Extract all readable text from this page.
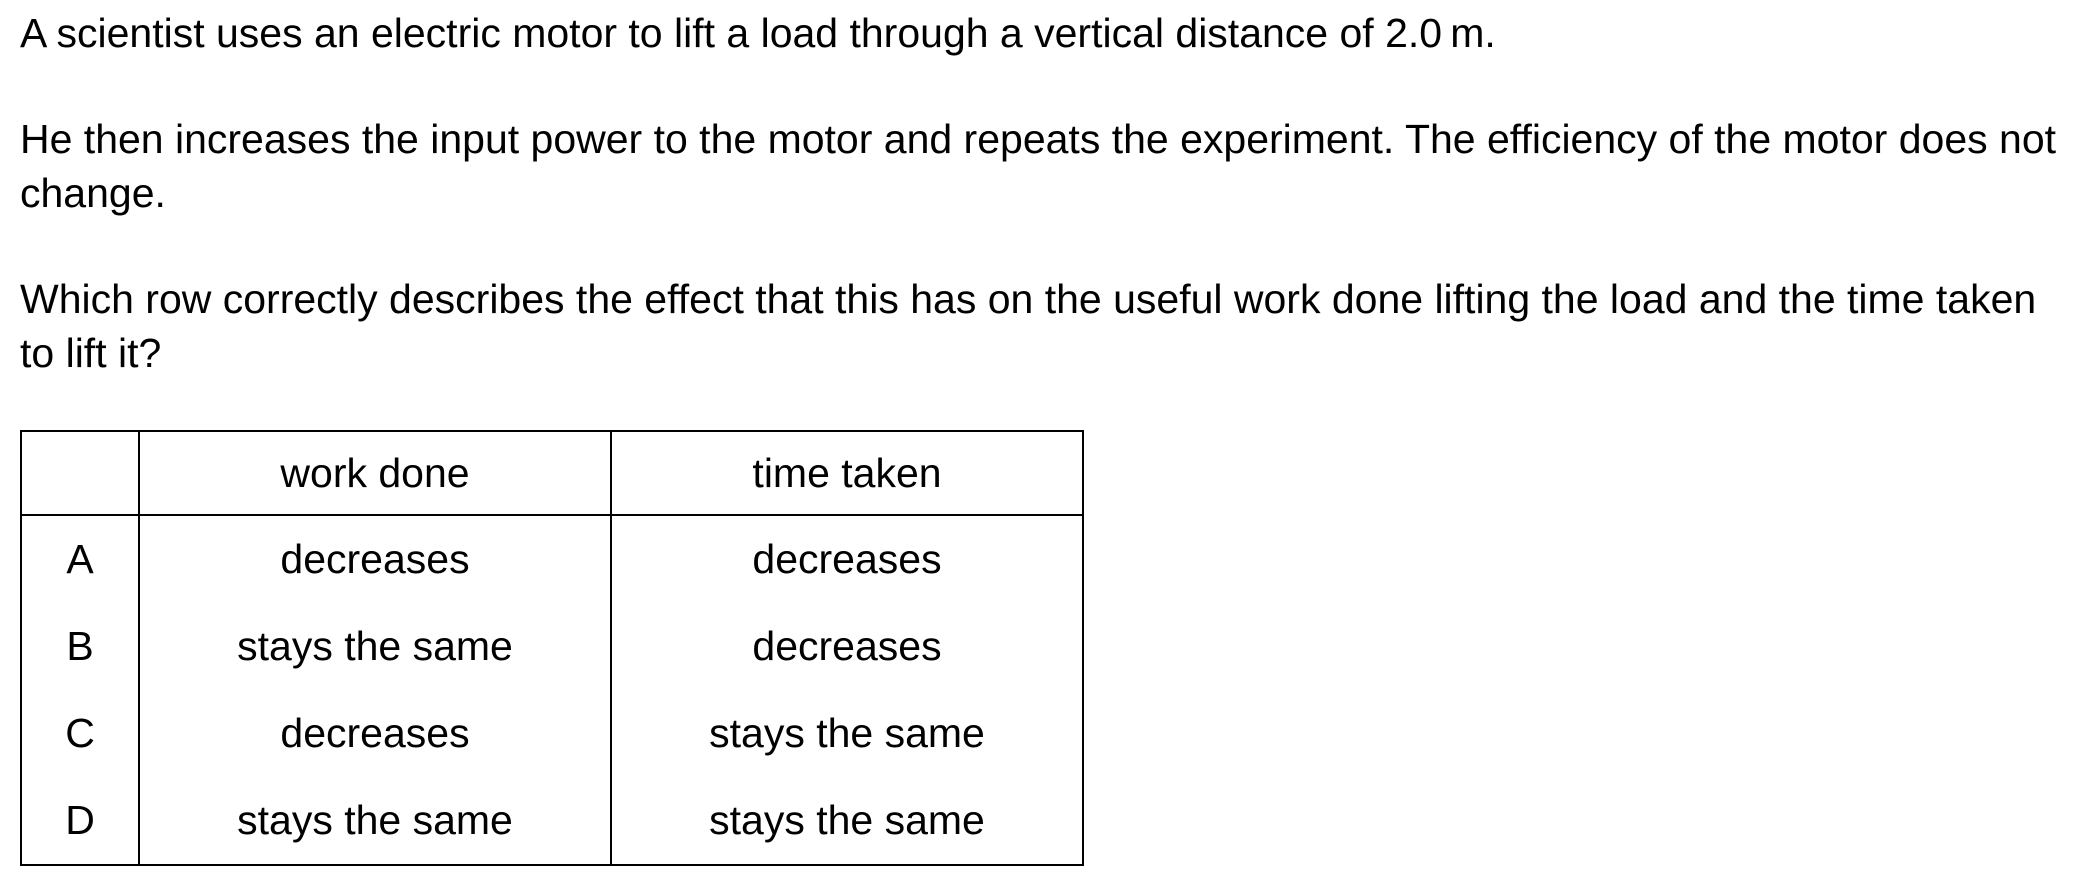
A scientist uses an electric motor to lift a load through a vertical distance of 2.0 m.

He then increases the input power to the motor and repeats the experiment. The efficiency of the motor does not change.

Which row correctly describes the effect that this has on the useful work done lifting the load and the time taken to lift it?

	work done	time taken
A	decreases	decreases
B	stays the same	decreases
C	decreases	stays the same
D	stays the same	stays the same
